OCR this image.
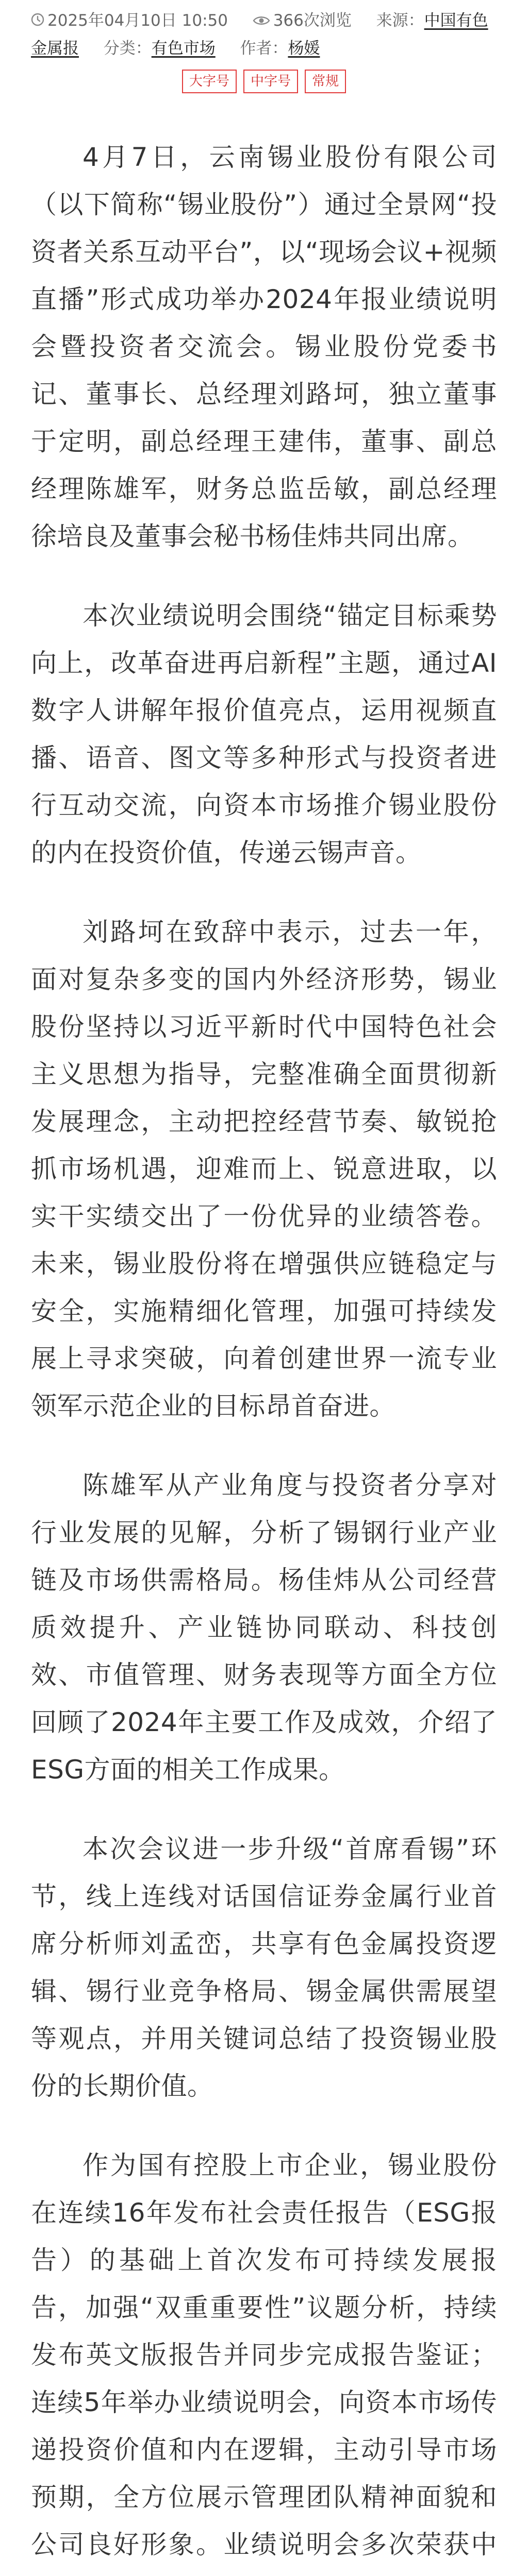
2025年04月10日 10:50	366次浏览 来源：中国有色金属报 分类：有色市场 作者：杨媛
大字号 中字号 常规

4月7日，云南锡业股份有限公司（以下简称“锡业股份”）通过全景网“投资者关系互动平台”，以“现场会议+视频直播”形式成功举办2024年报业绩说明会暨投资者交流会。锡业股份党委书记、董事长、总经理刘路坷，独立董事于定明，副总经理王建伟，董事、副总经理陈雄军，财务总监岳敏，副总经理徐培良及董事会秘书杨佳炜共同出席。

本次业绩说明会围绕“锚定目标乘势向上，改革奋进再启新程”主题，通过AI数字人讲解年报价值亮点，运用视频直播、语音、图文等多种形式与投资者进行互动交流，向资本市场推介锡业股份的内在投资价值，传递云锡声音。

刘路坷在致辞中表示，过去一年，面对复杂多变的国内外经济形势，锡业股份坚持以习近平新时代中国特色社会主义思想为指导，完整准确全面贯彻新发展理念，主动把控经营节奏、敏锐抢抓市场机遇，迎难而上、锐意进取，以实干实绩交出了一份优异的业绩答卷。未来，锡业股份将在增强供应链稳定与安全，实施精细化管理，加强可持续发展上寻求突破，向着创建世界一流专业领军示范企业的目标昂首奋进。

陈雄军从产业角度与投资者分享对行业发展的见解，分析了锡钢行业产业链及市场供需格局。杨佳炜从公司经营质效提升、产业链协同联动、科技创效、市值管理、财务表现等方面全方位回顾了2024年主要工作及成效，介绍了ESG方面的相关工作成果。

本次会议进一步升级“首席看锡”环节，线上连线对话国信证券金属行业首席分析师刘孟峦，共享有色金属投资逻辑、锡行业竞争格局、锡金属供需展望等观点，并用关键词总结了投资锡业股份的长期价值。

作为国有控股上市企业，锡业股份在连续16年发布社会责任报告（ESG报告）的基础上首次发布可持续发展报告，加强“双重重要性”议题分析，持续发布英文版报告并同步完成报告鉴证；连续5年举办业绩说明会，向资本市场传递投资价值和内在逻辑，主动引导市场预期，全方位展示管理团队精神面貌和公司良好形象。业绩说明会多次荣获中
